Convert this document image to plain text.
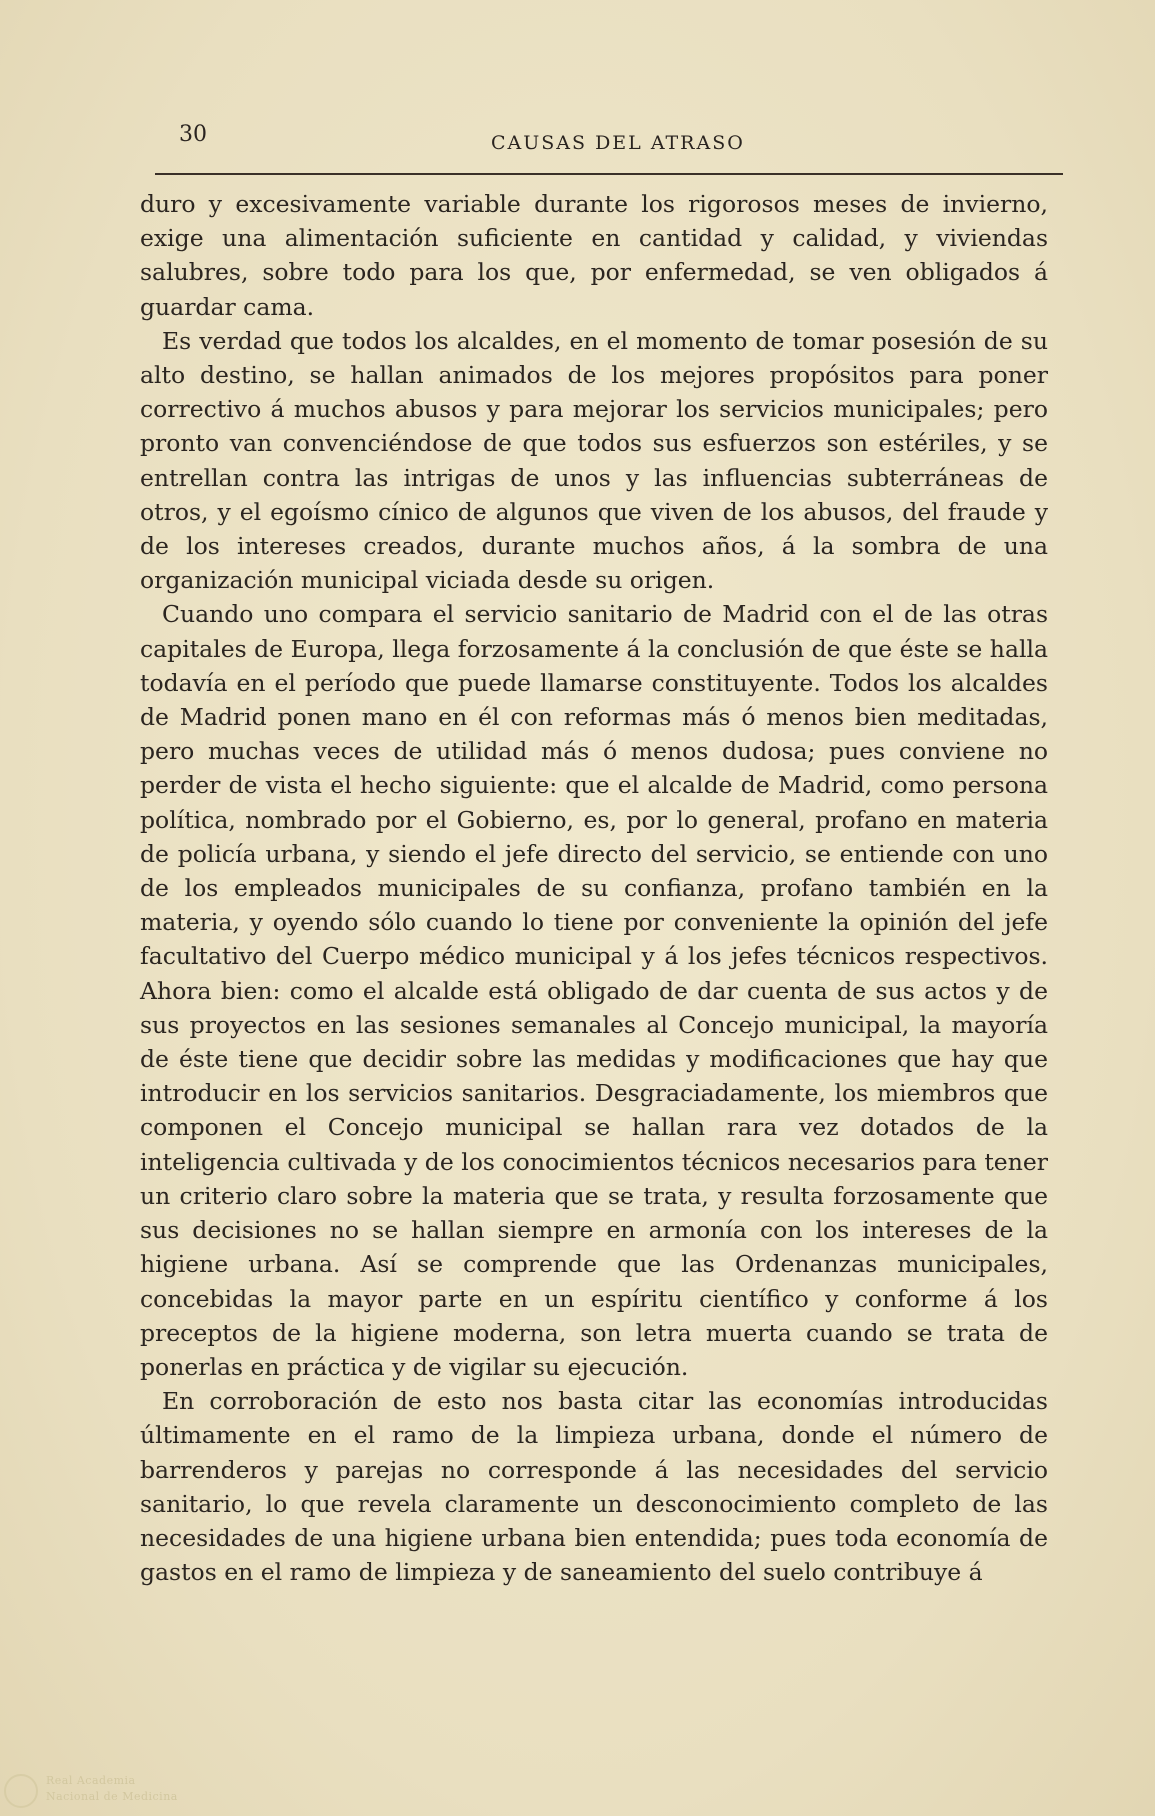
30	CAUSAS DEL ATRASO

duro y excesivamente variable durante los rigorosos meses de invierno, exige una alimentación suficiente en cantidad y calidad, y viviendas salubres, sobre todo para los que, por enfermedad, se ven obligados á guardar cama.

Es verdad que todos los alcaldes, en el momento de tomar posesión de su alto destino, se hallan animados de los mejores propósitos para poner correctivo á muchos abusos y para mejorar los servicios municipales; pero pronto van convenciéndose de que todos sus esfuerzos son estériles, y se entrellan contra las intrigas de unos y las influencias subterráneas de otros, y el egoísmo cínico de algunos que viven de los abusos, del fraude y de los intereses creados, durante muchos años, á la sombra de una organización municipal viciada desde su origen.

Cuando uno compara el servicio sanitario de Madrid con el de las otras capitales de Europa, llega forzosamente á la conclusión de que éste se halla todavía en el período que puede llamarse constituyente. Todos los alcaldes de Madrid ponen mano en él con reformas más ó menos bien meditadas, pero muchas veces de utilidad más ó menos dudosa; pues conviene no perder de vista el hecho siguiente: que el alcalde de Madrid, como persona política, nombrado por el Gobierno, es, por lo general, profano en materia de policía urbana, y siendo el jefe directo del servicio, se entiende con uno de los empleados municipales de su confianza, profano también en la materia, y oyendo sólo cuando lo tiene por conveniente la opinión del jefe facultativo del Cuerpo médico municipal y á los jefes técnicos respectivos. Ahora bien: como el alcalde está obligado de dar cuenta de sus actos y de sus proyectos en las sesiones semanales al Concejo municipal, la mayoría de éste tiene que decidir sobre las medidas y modificaciones que hay que introducir en los servicios sanitarios. Desgraciadamente, los miembros que componen el Concejo municipal se hallan rara vez dotados de la inteligencia cultivada y de los conocimientos técnicos necesarios para tener un criterio claro sobre la materia que se trata, y resulta forzosamente que sus decisiones no se hallan siempre en armonía con los intereses de la higiene urbana. Así se comprende que las Ordenanzas municipales, concebidas la mayor parte en un espíritu científico y conforme á los preceptos de la higiene moderna, son letra muerta cuando se trata de ponerlas en práctica y de vigilar su ejecución.

En corroboración de esto nos basta citar las economías introducidas últimamente en el ramo de la limpieza urbana, donde el número de barrenderos y parejas no corresponde á las necesidades del servicio sanitario, lo que revela claramente un desconocimiento completo de las necesidades de una higiene urbana bien entendida; pues toda economía de gastos en el ramo de limpieza y de saneamiento del suelo contribuye á

Real Academia
Nacional de Medicina
